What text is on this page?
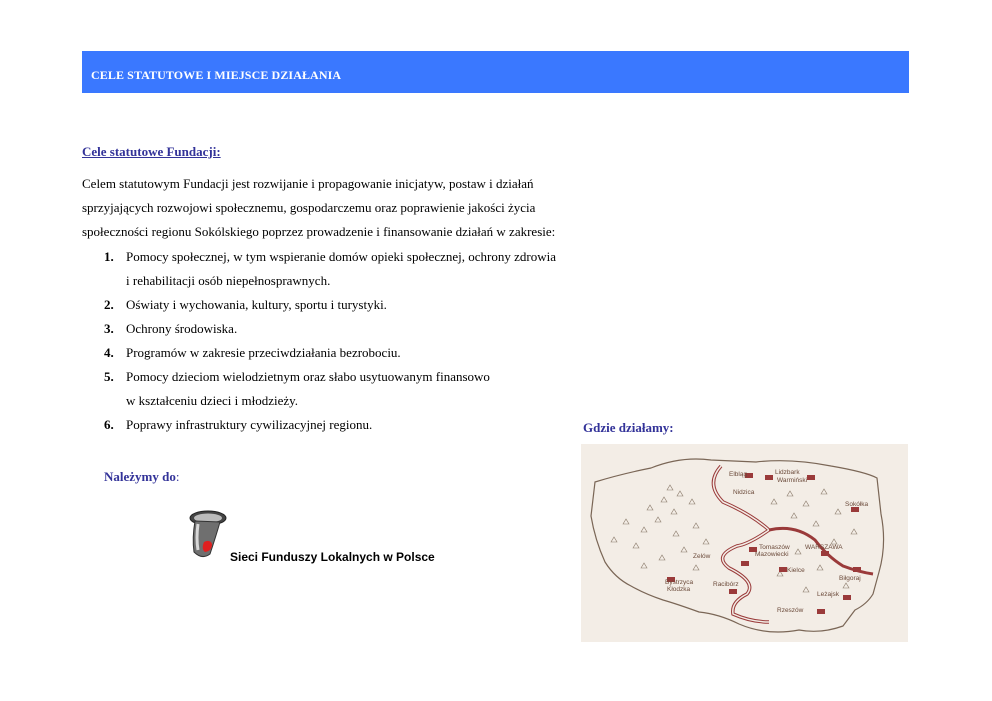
CELE STATUTOWE I MIEJSCE DZIAŁANIA
Cele statutowe Fundacji:
Celem statutowym Fundacji jest rozwijanie i propagowanie inicjatyw, postaw i działań
sprzyjających rozwojowi społecznemu, gospodarczemu oraz poprawienie jakości życia
społeczności regionu Sokólskiego poprzez prowadzenie i finansowanie działań w zakresie:
1. Pomocy społecznej, w tym wspieranie domów opieki społecznej, ochrony zdrowia
i rehabilitacji osób niepełnosprawnych.
2. Oświaty i wychowania, kultury, sportu i turystyki.
3. Ochrony środowiska.
4. Programów w zakresie przeciwdziałania bezrobociu.
5. Pomocy dzieciom wielodzietnym oraz słabo usytuowanym finansowo
w kształceniu dzieci i młodzieży.
6. Poprawy infrastruktury cywilizacyjnej regionu.
Należymy do:
Sieci Funduszy Lokalnych w Polsce
Gdzie działamy:
Elbląg	Lidzbark
Warmiński
Nidzica
Sokółka
Zelów
Tomaszów
Mazowiecki
WARSZAWA
Kielce
Biłgoraj
Bystrzyca
Kłodzka
Racibórz
Leżajsk
Rzeszów
